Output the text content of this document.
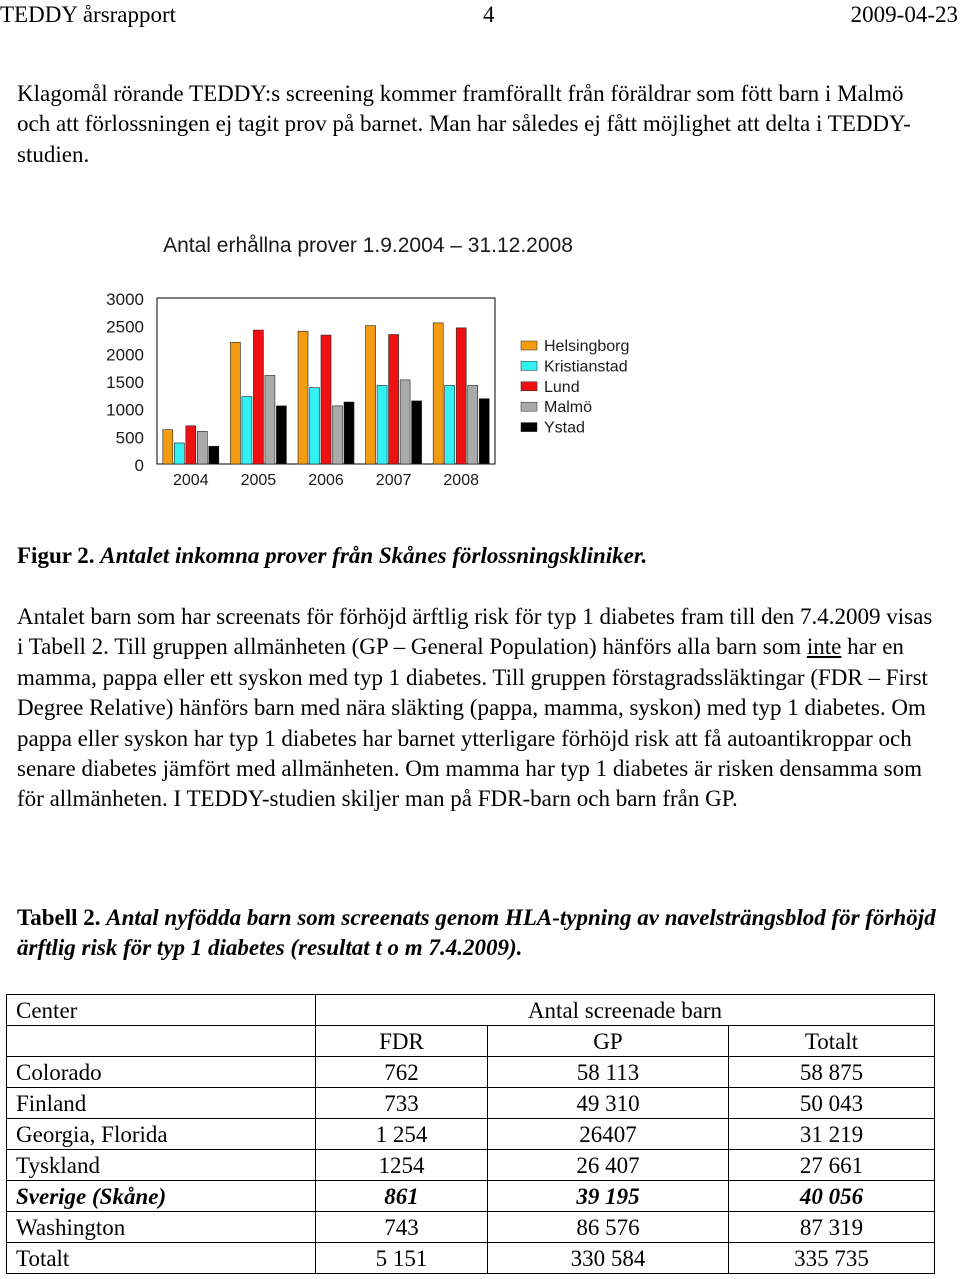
TEDDY årsrapport	4	2009-04-23
Klagomål rörande TEDDY:s screening kommer framförallt från föräldrar som fött barn i Malmö och att förlossningen ej tagit prov på barnet. Man har således ej fått möjlighet att delta i TEDDY-studien.
Antal erhållna prover 1.9.2004 – 31.12.2008
0
500
1000
1500
2000
2500
3000
2004 2005 2006 2007 2008
Helsingborg
Kristianstad
Lund
Malmö
Ystad
Figur 2. Antalet inkomna prover från Skånes förlossningskliniker.
Antalet barn som har screenats för förhöjd ärftlig risk för typ 1 diabetes fram till den 7.4.2009 visas i Tabell 2. Till gruppen allmänheten (GP – General Population) hänförs alla barn som inte har en mamma, pappa eller ett syskon med typ 1 diabetes. Till gruppen förstagradssläktingar (FDR – First Degree Relative) hänförs barn med nära släkting (pappa, mamma, syskon) med typ 1 diabetes. Om pappa eller syskon har typ 1 diabetes har barnet ytterligare förhöjd risk att få autoantikroppar och senare diabetes jämfört med allmänheten. Om mamma har typ 1 diabetes är risken densamma som för allmänheten. I TEDDY-studien skiljer man på FDR-barn och barn från GP.
Tabell 2. Antal nyfödda barn som screenats genom HLA-typning av navelsträngsblod för förhöjd ärftlig risk för typ 1 diabetes (resultat t o m 7.4.2009).
Center	Antal screenade barn		
	FDR	GP	Totalt
Colorado	762	58 113	58 875
Finland	733	49 310	50 043
Georgia, Florida	1 254	26407	31 219
Tyskland	1254	26 407	27 661
Sverige (Skåne)	861	39 195	40 056
Washington	743	86 576	87 319
Totalt	5 151	330 584	335 735
